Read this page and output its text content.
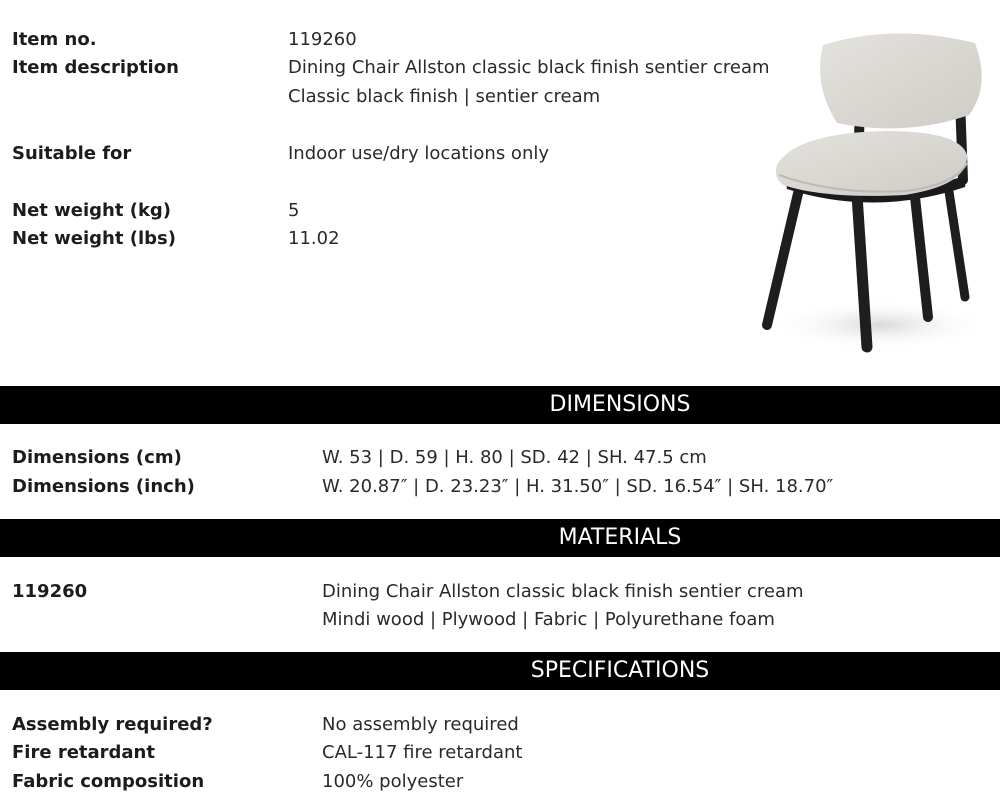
Item no.	119260
Item description	Dining Chair Allston classic black finish sentier cream
Classic black finish | sentier cream
Suitable for	Indoor use/dry locations only
Net weight (kg)	5
Net weight (lbs)	11.02
DIMENSIONS
Dimensions (cm)	W. 53 | D. 59 | H. 80 | SD. 42 | SH. 47.5 cm
Dimensions (inch)	W. 20.87″ | D. 23.23″ | H. 31.50″ | SD. 16.54″ | SH. 18.70″
MATERIALS
119260	Dining Chair Allston classic black finish sentier cream
Mindi wood | Plywood | Fabric | Polyurethane foam
SPECIFICATIONS
Assembly required?	No assembly required
Fire retardant	CAL-117 fire retardant
Fabric composition	100% polyester
